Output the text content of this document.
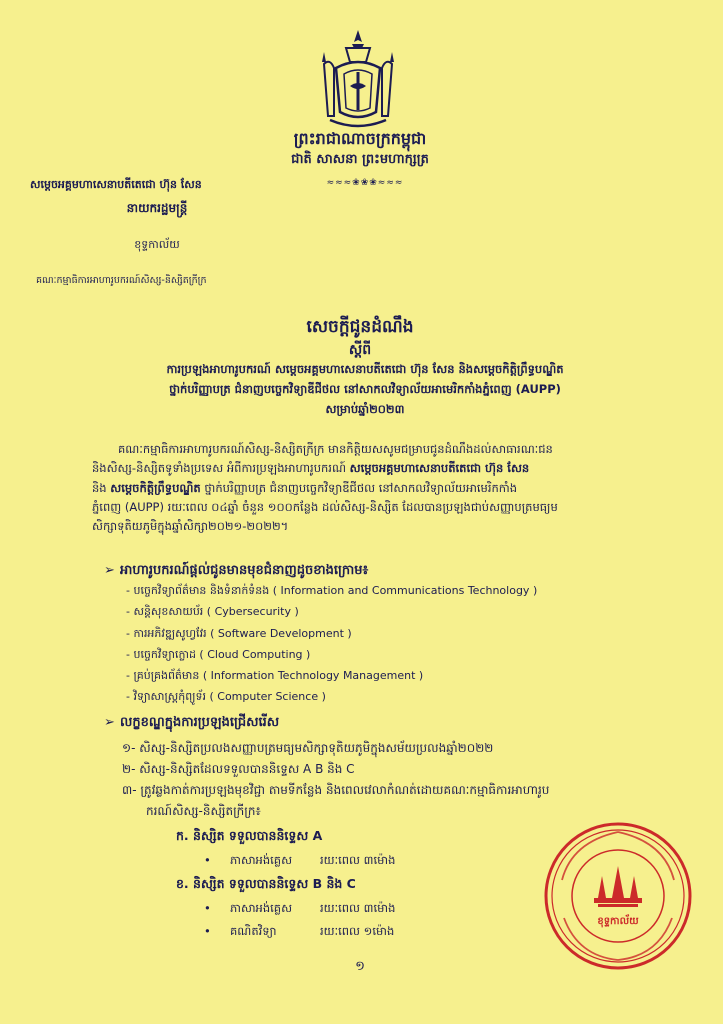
ព្រះរាជាណាចក្រកម្ពុជា
ជាតិ សាសនា ព្រះមហាក្សត្រ
≈≈≈❀❀❀≈≈≈
សម្តេចអគ្គមហាសេនាបតីតេជោ ហ៊ុន សែន
នាយករដ្ឋមន្ត្រី
ខុទ្ទកាល័យ
គណៈកម្មាធិការអាហារូបករណ៍សិស្ស-និស្សិតក្រីក្រ
សេចក្តីជូនដំណឹង
ស្តីពី
ការប្រឡងអាហារូបករណ៍ សម្តេចអគ្គមហាសេនាបតីតេជោ ហ៊ុន សែន និងសម្តេចកិត្តិព្រឹទ្ធបណ្ឌិត
ថ្នាក់បរិញ្ញាបត្រ ជំនាញបច្ចេកវិទ្យាឌីជីថល នៅសាកលវិទ្យាល័យអាមេរិកកាំងភ្នំពេញ (AUPP)
សម្រាប់ឆ្នាំ២០២៣
គណៈកម្មាធិការអាហារូបករណ៍សិស្ស-និស្សិតក្រីក្រ មានកិត្តិយសសូមជម្រាបជូនដំណឹងដល់សាធារណៈជន
និងសិស្ស-និស្សិតទូទាំងប្រទេស អំពីការប្រឡងអាហារូបករណ៍ សម្តេចអគ្គមហាសេនាបតីតេជោ ហ៊ុន សែន
និង សម្តេចកិត្តិព្រឹទ្ធបណ្ឌិត ថ្នាក់បរិញ្ញាបត្រ ជំនាញបច្ចេកវិទ្យាឌីជីថល នៅសាកលវិទ្យាល័យអាមេរិកកាំង
ភ្នំពេញ (AUPP) រយៈពេល ០៤ឆ្នាំ ចំនួន ១០០កន្លែង ដល់សិស្ស-និស្សិត ដែលបានប្រឡងជាប់សញ្ញាបត្រមធ្យម
សិក្សាទុតិយភូមិក្នុងឆ្នាំសិក្សា២០២១-២០២២។
➢ អាហារូបករណ៍ផ្តល់ជូនមានមុខជំនាញដូចខាងក្រោម៖
- បច្ចេកវិទ្យាព័ត៌មាន និងទំនាក់ទំនង ( Information and Communications Technology )
- សន្តិសុខសាយប័រ ( Cybersecurity )
- ការអភិវឌ្ឍសូហ្វវែរ ( Software Development )
- បច្ចេកវិទ្យាក្លោដ ( Cloud Computing )
- គ្រប់គ្រងព័ត៌មាន ( Information Technology Management )
- វិទ្យាសាស្ត្រកុំព្យូទ័រ ( Computer Science )
➢ លក្ខខណ្ឌក្នុងការប្រឡងជ្រើសរើស
១- សិស្ស-និស្សិតប្រលងសញ្ញាបត្រមធ្យមសិក្សាទុតិយភូមិក្នុងសម័យប្រលងឆ្នាំ២០២២
២- សិស្ស-និស្សិតដែលទទួលបាននិទ្ទេស A B និង C
៣- ត្រូវឆ្លងកាត់ការប្រឡងមុខវិជ្ជា តាមទីកន្លែង និងពេលវេលាកំណត់ដោយគណៈកម្មាធិការអាហារូប
ករណ៍សិស្ស-និស្សិតក្រីក្រ៖
ក. និស្សិត ទទួលបាននិទ្ទេស A
•	ភាសាអង់គ្លេស	រយៈពេល ៣ម៉ោង
ខ. និស្សិត ទទួលបាននិទ្ទេស B និង C
•	ភាសាអង់គ្លេស	រយៈពេល ៣ម៉ោង
•	គណិតវិទ្យា	រយៈពេល ១ម៉ោង
ខុទ្ទកាល័យ
១
